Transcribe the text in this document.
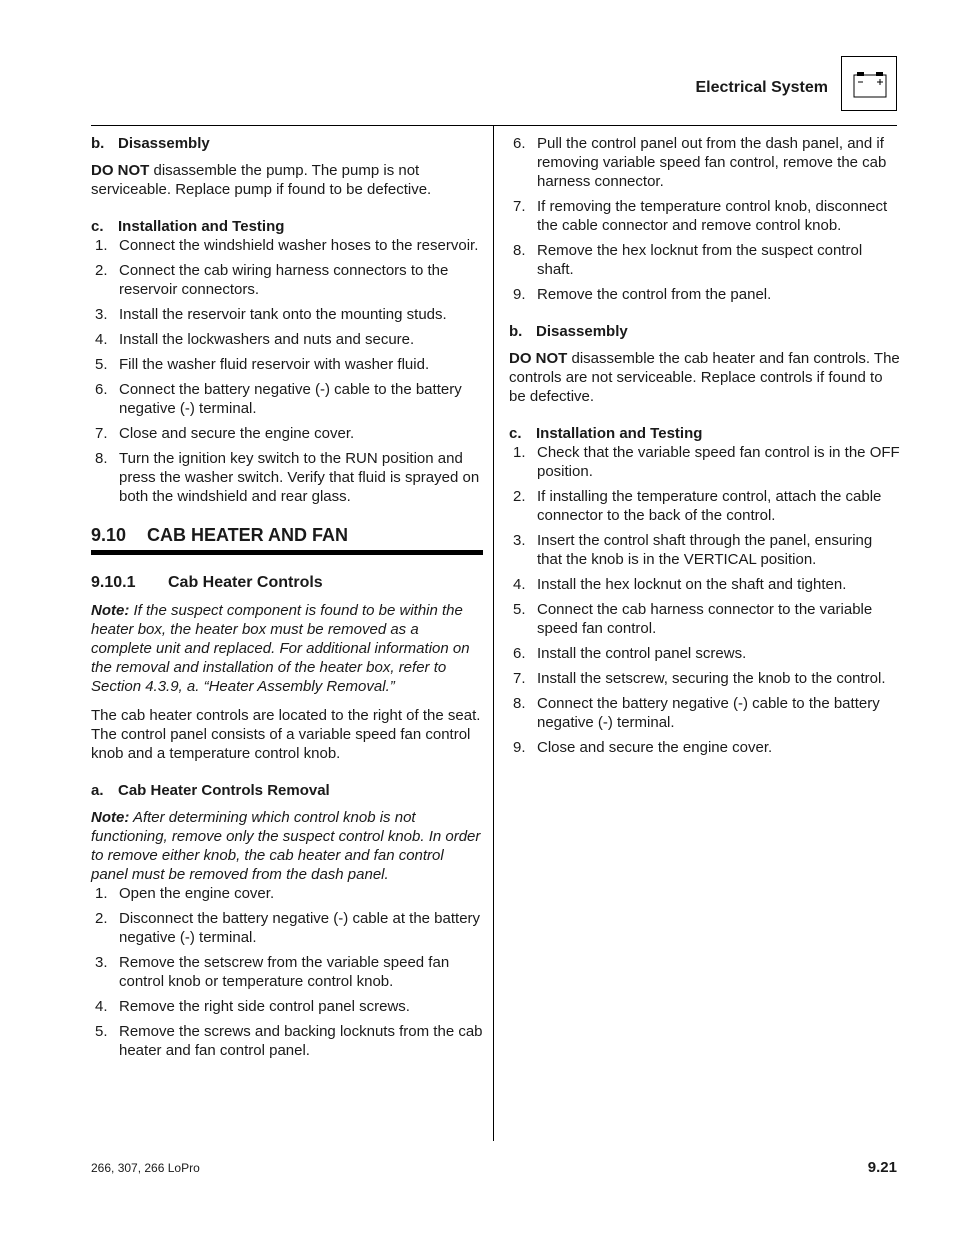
Electrical System

b. Disassembly

DO NOT disassemble the pump. The pump is not serviceable. Replace pump if found to be defective.

c. Installation and Testing

1. Connect the windshield washer hoses to the reservoir.
2. Connect the cab wiring harness connectors to the reservoir connectors.
3. Install the reservoir tank onto the mounting studs.
4. Install the lockwashers and nuts and secure.
5. Fill the washer fluid reservoir with washer fluid.
6. Connect the battery negative (-) cable to the battery negative (-) terminal.
7. Close and secure the engine cover.
8. Turn the ignition key switch to the RUN position and press the washer switch. Verify that fluid is sprayed on both the windshield and rear glass.
9.10 CAB HEATER AND FAN
9.10.1 Cab Heater Controls

Note: If the suspect component is found to be within the heater box, the heater box must be removed as a complete unit and replaced. For additional information on the removal and installation of the heater box, refer to Section 4.3.9, a. “Heater Assembly Removal.”

The cab heater controls are located to the right of the seat. The control panel consists of a variable speed fan control knob and a temperature control knob.

a. Cab Heater Controls Removal

Note: After determining which control knob is not functioning, remove only the suspect control knob. In order to remove either knob, the cab heater and fan control panel must be removed from the dash panel.

1. Open the engine cover.
2. Disconnect the battery negative (-) cable at the battery negative (-) terminal.
3. Remove the setscrew from the variable speed fan control knob or temperature control knob.
4. Remove the right side control panel screws.
5. Remove the screws and backing locknuts from the cab heater and fan control panel.
6. Pull the control panel out from the dash panel, and if removing variable speed fan control, remove the cab harness connector.
7. If removing the temperature control knob, disconnect the cable connector and remove control knob.
8. Remove the hex locknut from the suspect control shaft.
9. Remove the control from the panel.

b. Disassembly

DO NOT disassemble the cab heater and fan controls. The controls are not serviceable. Replace controls if found to be defective.

c. Installation and Testing

1. Check that the variable speed fan control is in the OFF position.
2. If installing the temperature control, attach the cable connector to the back of the control.
3. Insert the control shaft through the panel, ensuring that the knob is in the VERTICAL position.
4. Install the hex locknut on the shaft and tighten.
5. Connect the cab harness connector to the variable speed fan control.
6. Install the control panel screws.
7. Install the setscrew, securing the knob to the control.
8. Connect the battery negative (-) cable to the battery negative (-) terminal.
9. Close and secure the engine cover.
266, 307, 266 LoPro	9.21
